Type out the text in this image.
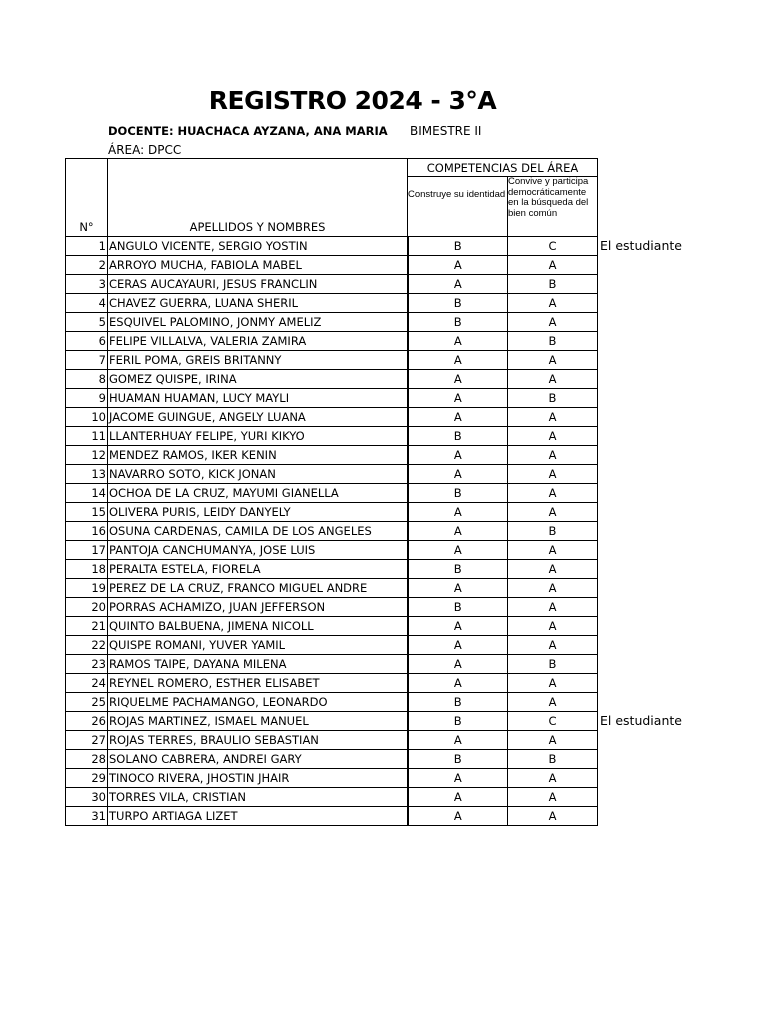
REGISTRO 2024 - 3°A
DOCENTE: HUACHACA AYZANA, ANA MARIA BIMESTRE II
ÁREA: DPCC
N°	APELLIDOS Y NOMBRES	COMPETENCIAS DEL ÁREA	
		Construye su identidad	Convive y participa democráticamente en la búsqueda del bien común
1	ANGULO VICENTE, SERGIO YOSTIN	B	C
2	ARROYO MUCHA, FABIOLA MABEL	A	A
3	CERAS AUCAYAURI, JESUS FRANCLIN	A	B
4	CHAVEZ GUERRA, LUANA SHERIL	B	A
5	ESQUIVEL PALOMINO, JONMY AMELIZ	B	A
6	FELIPE VILLALVA, VALERIA ZAMIRA	A	B
7	FERIL POMA, GREIS BRITANNY	A	A
8	GOMEZ QUISPE, IRINA	A	A
9	HUAMAN HUAMAN, LUCY MAYLI	A	B
10	JACOME GUINGUE, ANGELY LUANA	A	A
11	LLANTERHUAY FELIPE, YURI KIKYO	B	A
12	MENDEZ RAMOS, IKER KENIN	A	A
13	NAVARRO SOTO, KICK JONAN	A	A
14	OCHOA DE LA CRUZ, MAYUMI GIANELLA	B	A
15	OLIVERA PURIS, LEIDY DANYELY	A	A
16	OSUNA CARDENAS, CAMILA DE LOS ANGELES	A	B
17	PANTOJA CANCHUMANYA, JOSE LUIS	A	A
18	PERALTA ESTELA, FIORELA	B	A
19	PEREZ DE LA CRUZ, FRANCO MIGUEL ANDRE	A	A
20	PORRAS ACHAMIZO, JUAN JEFFERSON	B	A
21	QUINTO BALBUENA, JIMENA NICOLL	A	A
22	QUISPE ROMANI, YUVER YAMIL	A	A
23	RAMOS TAIPE, DAYANA MILENA	A	B
24	REYNEL ROMERO, ESTHER ELISABET	A	A
25	RIQUELME PACHAMANGO, LEONARDO	B	A
26	ROJAS MARTINEZ, ISMAEL MANUEL	B	C
27	ROJAS TERRES, BRAULIO SEBASTIAN	A	A
28	SOLANO CABRERA, ANDREI GARY	B	B
29	TINOCO RIVERA, JHOSTIN JHAIR	A	A
30	TORRES VILA, CRISTIAN	A	A
31	TURPO ARTIAGA LIZET	A	A
El estudiante
El estudiante
